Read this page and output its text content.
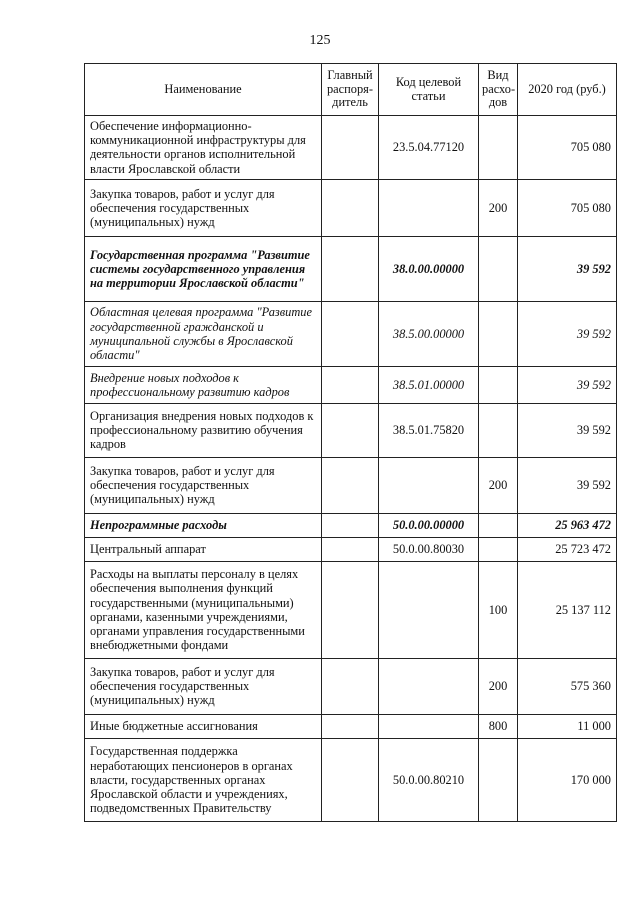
125
Наименование	Главный распоря-дитель	Код целевой статьи	Вид расхо-дов	2020 год (руб.)
Обеспечение информационно-коммуникационной инфраструктуры для деятельности органов исполнительной власти Ярославской области		23.5.04.77120		705 080
Закупка товаров, работ и услуг для обеспечения государственных (муниципальных) нужд			200	705 080
Государственная программа "Развитие системы государственного управления на территории Ярославской области"		38.0.00.00000		39 592
Областная целевая программа "Развитие государственной гражданской и муниципальной службы в Ярославской области"		38.5.00.00000		39 592
Внедрение новых подходов к профессиональному развитию кадров		38.5.01.00000		39 592
Организация внедрения новых подходов к профессиональному развитию обучения кадров		38.5.01.75820		39 592
Закупка товаров, работ и услуг для обеспечения государственных (муниципальных) нужд			200	39 592
Непрограммные расходы		50.0.00.00000		25 963 472
Центральный аппарат		50.0.00.80030		25 723 472
Расходы на выплаты персоналу в целях обеспечения выполнения функций государственными (муниципальными) органами, казенными учреждениями, органами управления государственными внебюджетными фондами			100	25 137 112
Закупка товаров, работ и услуг для обеспечения государственных (муниципальных) нужд			200	575 360
Иные бюджетные ассигнования			800	11 000
Государственная поддержка неработающих пенсионеров в органах власти, государственных органах Ярославской области и учреждениях, подведомственных Правительству		50.0.00.80210		170 000
